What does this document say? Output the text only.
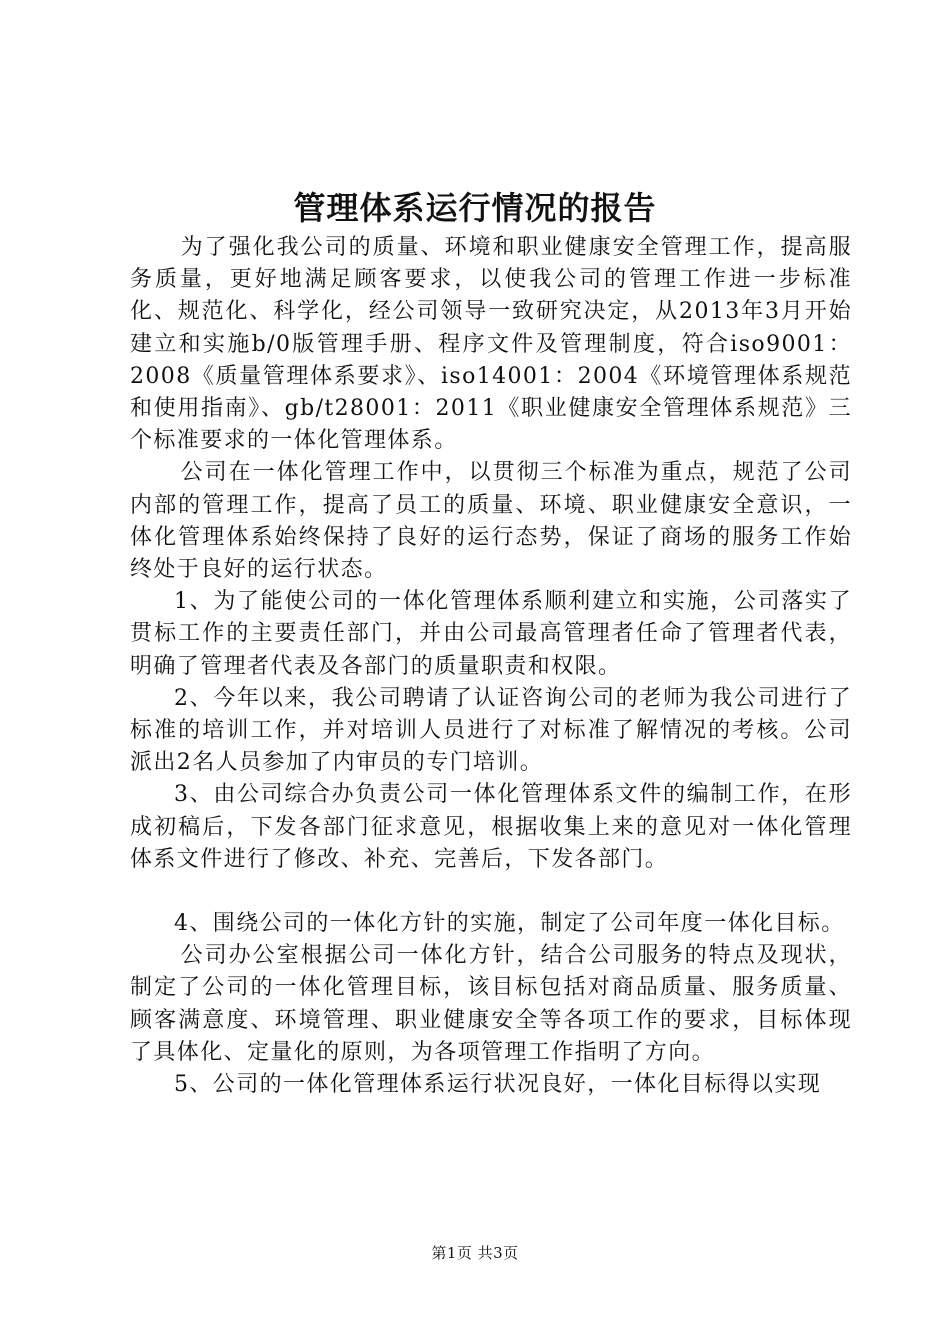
管理体系运行情况的报告

为了强化我公司的质量、环境和职业健康安全管理工作，提高服务质量，更好地满足顾客要求，以使我公司的管理工作进一步标准化、规范化、科学化，经公司领导一致研究决定，从2013年3月开始建立和实施b/0版管理手册、程序文件及管理制度，符合iso9001：2008《质量管理体系要求》、iso14001：2004《环境管理体系规范和使用指南》、gb/t28001：2011《职业健康安全管理体系规范》三个标准要求的一体化管理体系。

公司在一体化管理工作中，以贯彻三个标准为重点，规范了公司内部的管理工作，提高了员工的质量、环境、职业健康安全意识，一体化管理体系始终保持了良好的运行态势，保证了商场的服务工作始终处于良好的运行状态。

1、为了能使公司的一体化管理体系顺利建立和实施，公司落实了贯标工作的主要责任部门，并由公司最高管理者任命了管理者代表，明确了管理者代表及各部门的质量职责和权限。

2、今年以来，我公司聘请了认证咨询公司的老师为我公司进行了标准的培训工作，并对培训人员进行了对标准了解情况的考核。公司派出2名人员参加了内审员的专门培训。

3、由公司综合办负责公司一体化管理体系文件的编制工作，在形成初稿后，下发各部门征求意见，根据收集上来的意见对一体化管理体系文件进行了修改、补充、完善后，下发各部门。

4、围绕公司的一体化方针的实施，制定了公司年度一体化目标。

公司办公室根据公司一体化方针，结合公司服务的特点及现状，制定了公司的一体化管理目标，该目标包括对商品质量、服务质量、顾客满意度、环境管理、职业健康安全等各项工作的要求，目标体现了具体化、定量化的原则，为各项管理工作指明了方向。

5、公司的一体化管理体系运行状况良好，一体化目标得以实现

第1页 共3页
